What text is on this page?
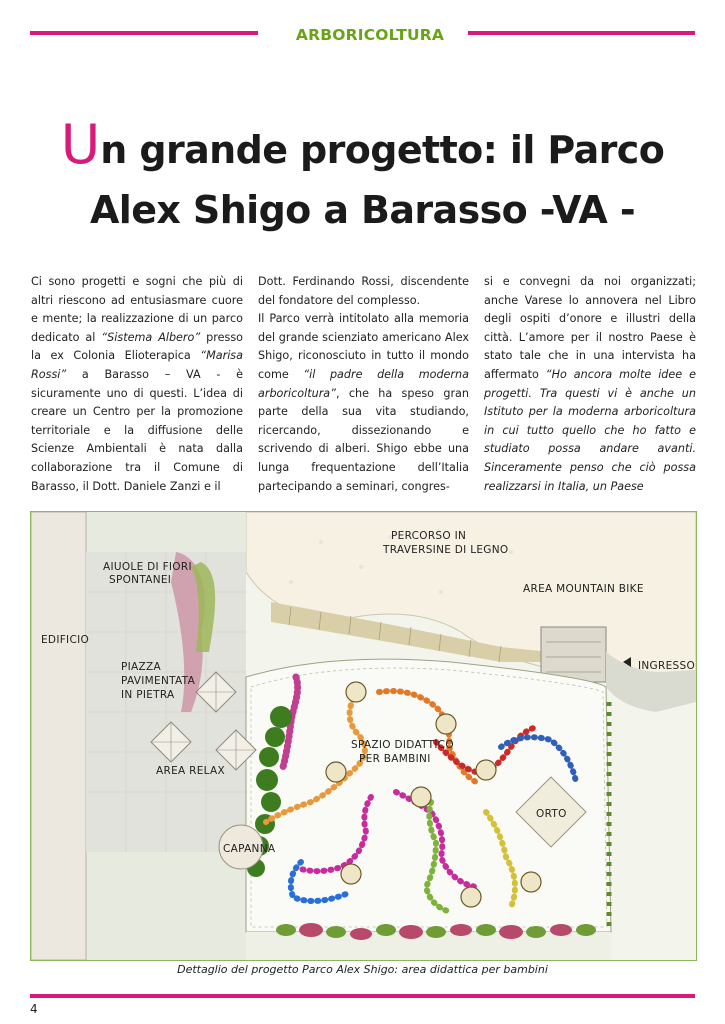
ARBORICOLTURA
Un grande progetto: il Parco
Alex Shigo a Barasso -VA -

Ci sono progetti e sogni che più di altri riescono ad entusiasmare cuore e mente; la realizzazione di un parco dedicato al “Sistema Albero” presso la ex Colonia Elioterapica “Marisa Rossi” a Barasso – VA - è sicuramente uno di questi. L’idea di creare un Centro per la promozione territoriale e la diffusione delle Scienze Ambientali è nata dalla collaborazione tra il Comune di Barasso, il Dott. Daniele Zanzi e il

Dott. Ferdinando Rossi, discendente del fondatore del complesso.

Il Parco verrà intitolato alla memoria del grande scienziato americano Alex Shigo, riconosciuto in tutto il mondo come “il padre della moderna arboricoltura”, che ha speso gran parte della sua vita studiando, ricercando, dissezionando e scrivendo di alberi. Shigo ebbe una lunga frequentazione dell’Italia partecipando a seminari, congres-

si e convegni da noi organizzati; anche Varese lo annovera nel Libro degli ospiti d’onore e illustri della città. L’amore per il nostro Paese è stato tale che in una intervista ha affermato “Ho ancora molte idee e progetti. Tra questi vi è anche un Istituto per la moderna arboricoltura in cui tutto quello che ho fatto e studiato possa andare avanti. Sinceramente penso che ciò possa realizzarsi in Italia, un Paese

AIUOLE DI FIORI
SPONTANEI
EDIFICIO
PIAZZA
PAVIMENTATA
IN PIETRA
AREA RELAX
CAPANNA
PERCORSO IN
TRAVERSINE DI LEGNO
AREA MOUNTAIN BIKE
INGRESSO
SPAZIO DIDATTICO
PER BAMBINI
ORTO
Dettaglio del progetto Parco Alex Shigo: area didattica per bambini
4
